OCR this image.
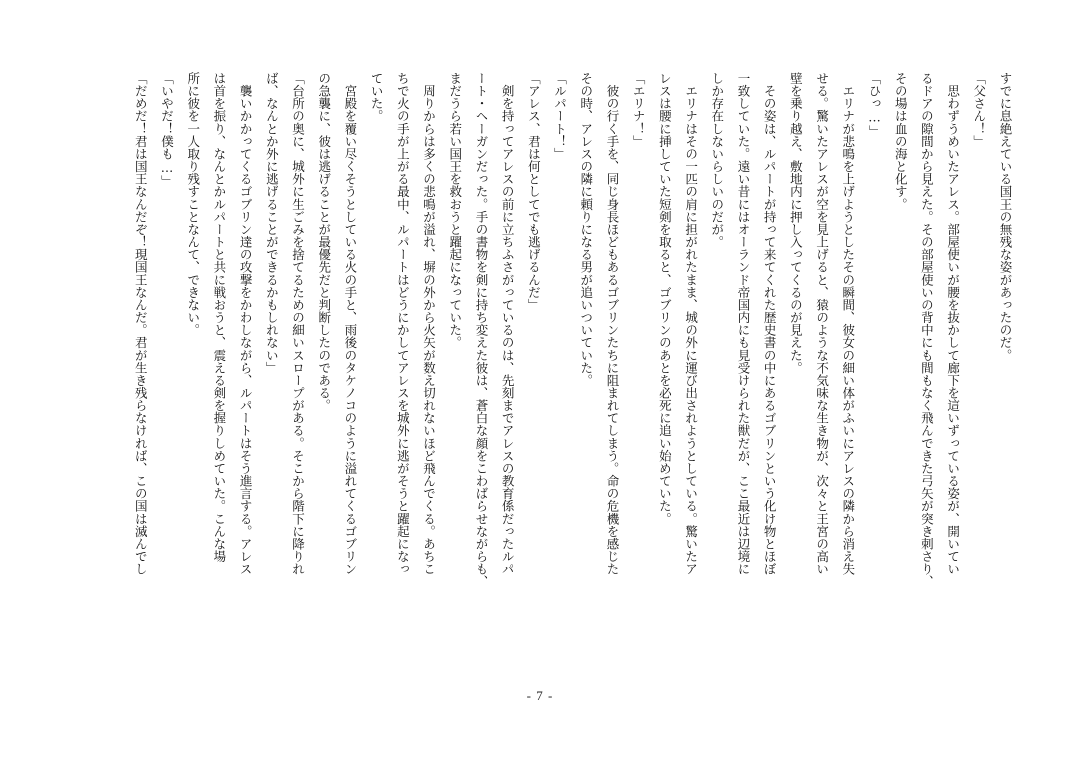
すでに息絶えている国王の無残な姿があったのだ。

「父さん！」

　思わずうめいたアレス。部屋使いが腰を抜かして廊下を這いずっている姿が、開いてい

るドアの隙間から見えた。その部屋使いの背中にも間もなく飛んできた弓矢が突き刺さり、

その場は血の海と化す。

「ひっ…」

　エリナが悲鳴を上げようとしたその瞬間、彼女の細い体がふいにアレスの隣から消え失

せる。驚いたアレスが空を見上げると、猿のような不気味な生き物が、次々と王宮の高い

壁を乗り越え、敷地内に押し入ってくるのが見えた。

　その姿は、ルパートが持って来てくれた歴史書の中にあるゴブリンという化け物とほぼ

一致していた。遠い昔にはオーランド帝国内にも見受けられた獣だが、ここ最近は辺境に

しか存在しないらしいのだが。

　エリナはその一匹の肩に担がれたまま、城の外に運び出されようとしている。驚いたア

レスは腰に挿していた短剣を取ると、ゴブリンのあとを必死に追い始めていた。

「エリナ！」

　彼の行く手を、同じ身長ほどもあるゴブリンたちに阻まれてしまう。命の危機を感じた

その時、アレスの隣に頼りになる男が追いついていた。

「ルパート！」

「アレス、君は何としてでも逃げるんだ」

　剣を持ってアレスの前に立ちふさがっているのは、先刻までアレスの教育係だったルパ

ート・ヘーガンだった。手の書物を剣に持ち変えた彼は、蒼白な顔をこわばらせながらも、

まだうら若い国王を救おうと躍起になっていた。

　周りからは多くの悲鳴が溢れ、塀の外から火矢が数え切れないほど飛んでくる。あちこ

ちで火の手が上がる最中、ルパートはどうにかしてアレスを城外に逃がそうと躍起になっ

ていた。

　宮殿を覆い尽くそうとしている火の手と、雨後のタケノコのように溢れてくるゴブリン

の急襲に、彼は逃げることが最優先だと判断したのである。

「台所の奥に、城外に生ごみを捨てるための細いスロープがある。そこから階下に降りれ

ば、なんとか外に逃げることができるかもしれない」

　襲いかかってくるゴブリン達の攻撃をかわしながら、ルパートはそう進言する。アレス

は首を振り、なんとかルパートと共に戦おうと、震える剣を握りしめていた。こんな場

所に彼を一人取り残すことなんて、できない。

「いやだ！僕も…」

「だめだ！君は国王なんだぞ！現国王なんだ。君が生き残らなければ、この国は滅んでし

- 7 -
